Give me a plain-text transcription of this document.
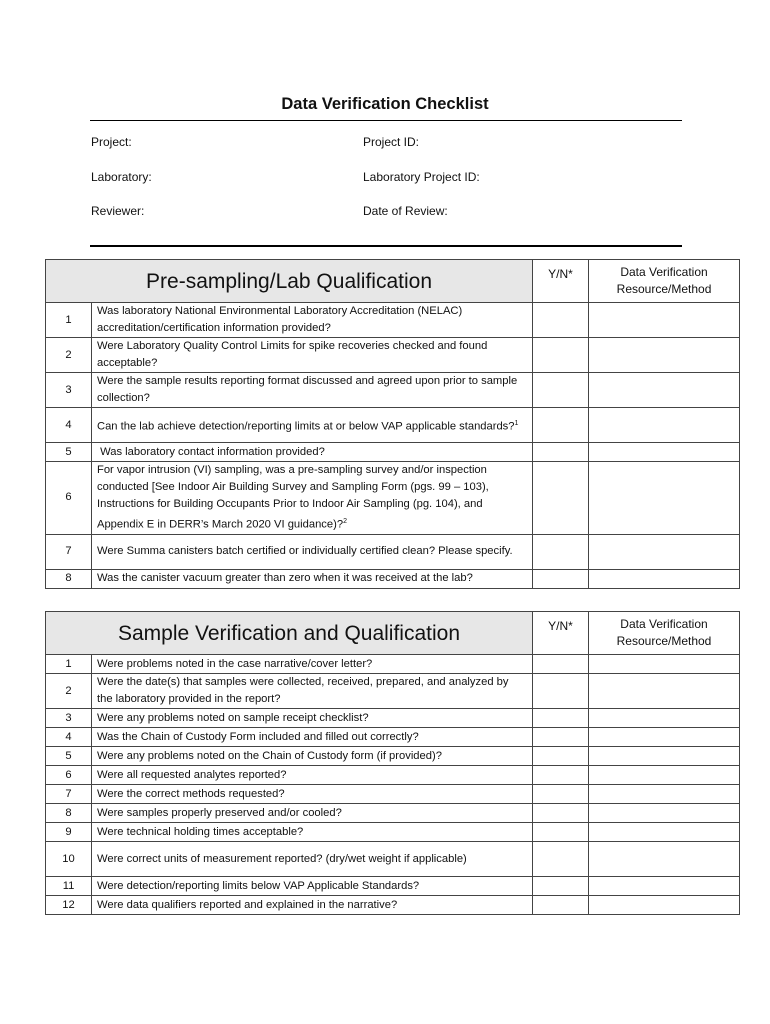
Data Verification Checklist
Project:	Project ID:
Laboratory:	Laboratory Project ID:
Reviewer:	Date of Review:
Pre-sampling/Lab Qualification		Y/N*	Data Verification Resource/Method
1	Was laboratory National Environmental Laboratory Accreditation (NELAC) accreditation/certification information provided?		
2	Were Laboratory Quality Control Limits for spike recoveries checked and found acceptable?		
3	Were the sample results reporting format discussed and agreed upon prior to sample collection?		
4	Can the lab achieve detection/reporting limits at or below VAP applicable standards?$^1$		
5	Was laboratory contact information provided?		
6	For vapor intrusion (VI) sampling, was a pre-sampling survey and/or inspection conducted [See Indoor Air Building Survey and Sampling Form (pgs. 99 – 103), Instructions for Building Occupants Prior to Indoor Air Sampling (pg. 104), and Appendix E in DERR’s March 2020 VI guidance)?$^2$		
7	Were Summa canisters batch certified or individually certified clean? Please specify.		
8	Was the canister vacuum greater than zero when it was received at the lab?		
Sample Verification and Qualification		Y/N*	Data Verification Resource/Method
1	Were problems noted in the case narrative/cover letter?		
2	Were the date(s) that samples were collected, received, prepared, and analyzed by the laboratory provided in the report?		
3	Were any problems noted on sample receipt checklist?		
4	Was the Chain of Custody Form included and filled out correctly?		
5	Were any problems noted on the Chain of Custody form (if provided)?		
6	Were all requested analytes reported?		
7	Were the correct methods requested?		
8	Were samples properly preserved and/or cooled?		
9	Were technical holding times acceptable?		
10	Were correct units of measurement reported? (dry/wet weight if applicable)		
11	Were detection/reporting limits below VAP Applicable Standards?		
12	Were data qualifiers reported and explained in the narrative?		
